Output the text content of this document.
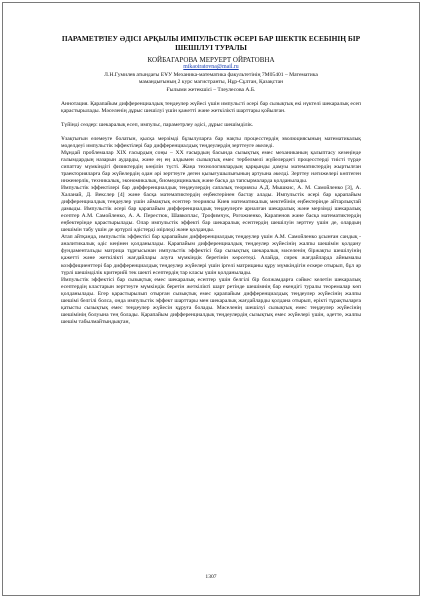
ПАРАМЕТРЛЕУ ӘДІСІ АРҚЫЛЫ ИМПУЛЬСТІК ӘСЕРІ БАР ШЕКТІК ЕСЕБІНІҢ БІР ШЕШІЛУІ ТУРАЛЫ

КОЙБАГАРОВА МЕРУЕРТ ОЙРАТОВНА

mikaoiratovna@mail.ru

Л.Н.Гумилев атындағы ЕҰУ Механика-математика факультетінің 7М05401 – Математика

мамандығының 2 курс магистранты, Нұр-Сұлтан, Қазақстан

Ғылыми жетекшісі – Тлеулесова А.Б.

Аннотация. Қарапайым дифференциалдық теңдеулер жүйесі үшін импульсті әсері бар сызықтық екі нүктелі шекаралық есеп қарастырылады. Мәселенің дұрыс шешілуі үшін қажетті және жеткілікті шарттары қойылған.

Түйінді сөздер: шекаралық есеп, импульс, параметрлеу әдісі, дұрыс шешімділік.

Ұзақтығын елемеуге болатын, қысқа мерзімді бұзылуларға бар нақты процесстердің эволюциясының математикалық моделдеуі импульстік эффектілері бар дифференциалдық теңдеулердің зерттеуге әкеледі.

Мұндай проблемалар XIX ғасырдың соңы – XX ғасырдың басында сызықтық емес механиканың қалыптасу кезеңінде ғалымдардың назарын аударды, және ең ең алдымен сызықтық емес тербелмелі жүйелердегі процесстерді тиісті түрде сипаттау мүмкіндігі физиктердің көңілін түсті. Жаңа технологиялардың қарқынды дамуы математиктердің жыртылған траекторияларға бар жүйелердің одан әрі зерттеуге деген қызығушылығының артуына әкелді. Зерттеу нәтижелері көптеген инженерлік, техникалық, экономикалық, биомедициналық және басқа да тапсырмаларда қолданылады.

Импульстік эффектілері бар дифференциалдық теңдеулердің сапалық теориясы А.Д. Мышкис, А. М. Самойленко [3], А. Халанай, Д. Векслер [4] және басқа математиктердің еңбектерінен бастау алады. Импульстік әсері бар қарапайым дифференциалдық теңдеулер үшін аймақтық есептер теориясы Киев математикалық мектебінің еңбектерінде айтарлықтай дамыды. Импульстік әсері бар қарапайым дифференциалдық теңдеулерге арналған шекаралық және мерзімді шекаралық есептер А.М. Самойленко, А. А. Перестюк, Шавкоплас, Трофимчук, Рогожиенко, Карапенов және басқа математиктердің еңбектерінде қарастырылады. Олар импульстік эффекті бар шекаралық есептердің шешілуін зерттеу үшін де, олардың шешімін табу үшін де әртүрлі әдістерді әзірледі және қолданды.

Атап айтқанда, импульстік эффектісі бар қарапайым дифференциалдық теңдеулер үшін А.М. Самойленко ұсынған сандық - аналитикалық әдіс кеңінен қолданылады. Қарапайым дифференциалдық теңдеулер жүйесінің жалпы шешімін қолдану фундаментальды матрица тұрғысынан импульстік эффектісі бар сызықтық шекаралық мәселенің біржақты шешілуінің қажетті және жеткілікті жағдайлары алуға мүмкіндік беретінін көрсетеді. Алайда, сирек жағдайларда айнымалы коэффициенттері бар дифференциалдық теңдеулер жүйелері үшін іргелі матрицаны құру мүмкіндігін ескере отырып, бұл әр түрлі шешімділік критерийі тек шекті есептердің тар класы үшін қолданылады.

Импульстік эффектісі бар сызықтық емес шекаралық есептер үшін белгілі бір болжамдарға сәйкес келетін шекаралық есептердің кластарын зерттеуге мүмкіндік беретін жеткілікті шарт ретінде шешімнің бар екендігі туралы теоремалар көп қолданылады. Егер қарастырылып отырған сызықтық емес қарапайым дифференциалдық теңдеулер жүйесінің жалпы шешімі белгілі болса, онда импульстік эффект шарттары мен шекаралық жағдайларды қолдана отырып, ерікті тұрақтыларға қатысты сызықтық емес теңдеулер жүйесін құруға болады. Мәселенің шешілуі сызықтық емес теңдеулер жүйесінің шешімінің болуына тең болады. Қарапайым дифференциалдық теңдеулердің сызықтық емес жүйелері үшін, әдетте, жалпы шешім табылмайтындықтан,

1307
